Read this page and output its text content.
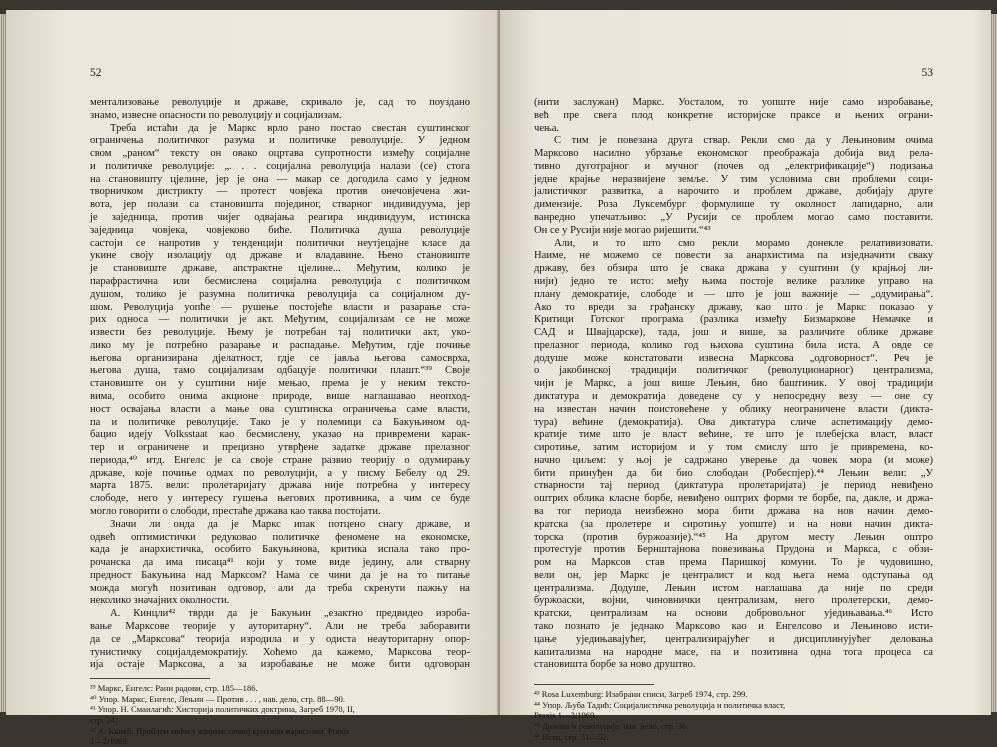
52
ментализовање револуције и државе, скривало је, сад то поуздано
знамо, извесне опасности по револуцију и социјализам.
Треба истаћи да је Маркс врло рано постао свестан суштинског
ограничења политичког разума и политичке револуције. У једном
свом „раном“ тексту он овако оцртава супротности између социјалне
и политичке револуције: „. . . социјална револуција налази (се) стога
на становишту цјелине, jер je она — макар се догодила само у једном
творничком дистрикту — протест човјека против онечовјечена жи-
вота, јер полази са становишта појединог, стварног индивидуума, jер
је заједница, против чијег одвајања реагира индивидуум, истинска
заједница човјека, човјеково биће. Политичка душа револуције
састоји се напротив у тенденцији политички неутјецајне класе да
укине своју изолацију од државе и владавине. Њено становиште
је становиште државе, апстрактне цјелине... Међутим, колико је
парафрастична или бесмислена социјална револуција с политичком
душом, толико је разумна политичка револуција са социјалном ду-
шом. Револуција уопће — рушење постојеће власти и разарање ста-
рих односа — политички је акт. Међутим, социјализам се не може
извести без револуције. Њему је потребан тај политички акт, уко-
лико му је потребно разарање и распадање. Међутим, гдје почиње
његова организирана дјелатност, гдје се јавља његова самосврха,
његова душа, тамо социјализам одбацује политички плашт.“³⁹ Своје
становиште он у суштини није мењао, према је у неким тексто-
вима, особито онима акционе природе, више наглашавао неопход-
ност освајања власти а мање ова суштинска ограничења саме власти,
па и политичке револуције. Тако је у полемици са Бакуњином од-
бацио идеју Volksstaat као бесмислену, указао на привремени карак-
тер и ограничене и прецизно утврђене задатке државе прелазног
периода,⁴⁰ итд. Енгелс је са своје стране развио теорију о одумирању
државе, које почиње одмах по револуцији, а у писму Бебелу од 29.
марта 1875. вели: пролетаријату држава није потребна у интересу
слободе, него у интересу гушења његових противника, а чим се буде
могло говорити о слободи, престаће држава као таква постојати.
Значи ли онда да је Маркс ипак потцено снагу државе, и
одвећ оптимистички редуковао политичке феномене на економске,
када је анархистичка, особито Бакуњинова, критика испала тако про-
рочанска да има писаца⁴¹ који у томе виде једину, али стварну
предност Бакуњина над Марксом? Нама се чини да је на то питање
можда могућ позитиван одговор, али да треба скренути пажњу на
неколико значајних околности.
А. Кинцли⁴² тврди да је Бакуњин „езактно предвидео изроба-
вање Марксове теорије у ауторитарну“. Али не треба заборавити
да се „Марксова“ теорија изродила и у одиста неауторитарну опор-
тунистичку социјалдемократију. Хоћемо да кажемо, Марксова теор-
ија остаје Марксова, а за изробавање не може бити одговоран
³⁹ Маркс, Енгелс: Рани радови, стр. 185—186.
⁴⁰ Упор. Маркс, Енгелс, Лењин — Против . . . , нав. дело, стр. 88—90.
⁴¹ Упор. Н. Смаилагић: Хисторија политичких доктрина, Загреб 1970, II,
стр. 24.
⁴² А. Künzli: Проблем моћи у анархистичкој критици марксизма, Praxis
1—2/1969.
53
(нити заслужан) Маркс. Уосталом, то уопште није само изробавање,
већ пре свега плод конкретне историјске праксе и њених ограни-
чења.
С тим је повезана друга ствар. Рекли смо да у Лењиновим очима
Марксово насилно убрзање економског преображаја добија вид рела-
тивно дуготрајног и мучног (почев од „електрификације“) подизања
једне крајње неразвијене земље. У тим условима сви проблеми соци-
јалистичког развитка, а нарочито и проблем државе, добијају друге
димензије. Роза Луксембург формулише ту околност лапидарно, али
ванредно упечатљиво: „У Русији се проблем могао само поставити.
Он се у Русији није могао ријешити.“⁴³
Али, и то што смо рекли морамо донекле релативизовати.
Наиме, не можемо се повести за анархистима па изједначити сваку
државу, без обзира што је свака држава у суштини (у крајњој ли-
нији) једно те исто: међу њима постоје велике разлике управо на
плану демократије, слободе и — што је још важније — „одумирања“.
Ако то вреди за грађанску државу, као што је Маркс показао у
Критици Готског програма (разлика између Бизмаркове Немачке и
САД и Швајцарске), тада, још и више, за различите облике државе
прелазног периода, колико год њихова суштина била иста. А овде се
додуше може констатовати извесна Марксова „одговорност“. Реч је
о јакобинској традицији политичког (револуционарног) централизма,
чији је Маркс, а још више Лењин, био баштиник. У овој традицији
диктатура и демократија доведене су у непосредну везу — оне су
на известан начин поистовећене у облику неограничене власти (дикта-
тура) већине (демократија). Ова диктатура сличе аспетимацију демо-
кратије тиме што је власт већине, те што је плебејска власт, власт
сиротиње, затим историјом и у том смислу што је привремена, ко-
начно циљем: у њој је садржано уверење да човек мора (и може)
бити принуђен да би био слободан (Робеспјер).⁴⁴ Лењин вели: „У
стварности тај период (диктатура пролетаријата) је период невиђено
оштрих облика класне борбе, невиђено оштрих форми те борбе, па, дакле, и држа-
ва тог периода неизбежно мора бити држава на нов начин демо-
кратска (за пролетере и сиротињу уопште) и на нови начин дикта-
торска (против буржоазије).“⁴⁵ На другом месту Лењин оштро
протестује против Бернштајнова повезивања Прудона и Маркса, с обзи-
ром на Марксов став према Паришкој комуни. То је чудовишно,
вели он, јер Маркс је централист и код њега нема одступања од
централизма. Додуше, Лењин истом наглашава да није по среди
буржоаски, војни, чиновнички централизам, него пролетерски, демо-
кратски, централизам на основи добровољног уједињавања.⁴⁶ Исто
тако познато је једнако Марксово као и Енгелсово и Лењиново исти-
цање уједињавајућег, централизирајућег и дисциплинујућег деловања
капитализма на народне масе, па и позитивна одна тога процеса са
становишта борбе за ново друштво.
⁴³ Rosa Luxemburg: Изабрани списи, Загреб 1974, стр. 299.
⁴⁴ Упор. Љуба Тадић: Социјалистичка револуција и политичка власт,
Praxis 1—2/1969.
⁴⁵ Држава и револуција, нав. дело, стр. 36.
⁴⁶ Исто, стр. 51—52.
